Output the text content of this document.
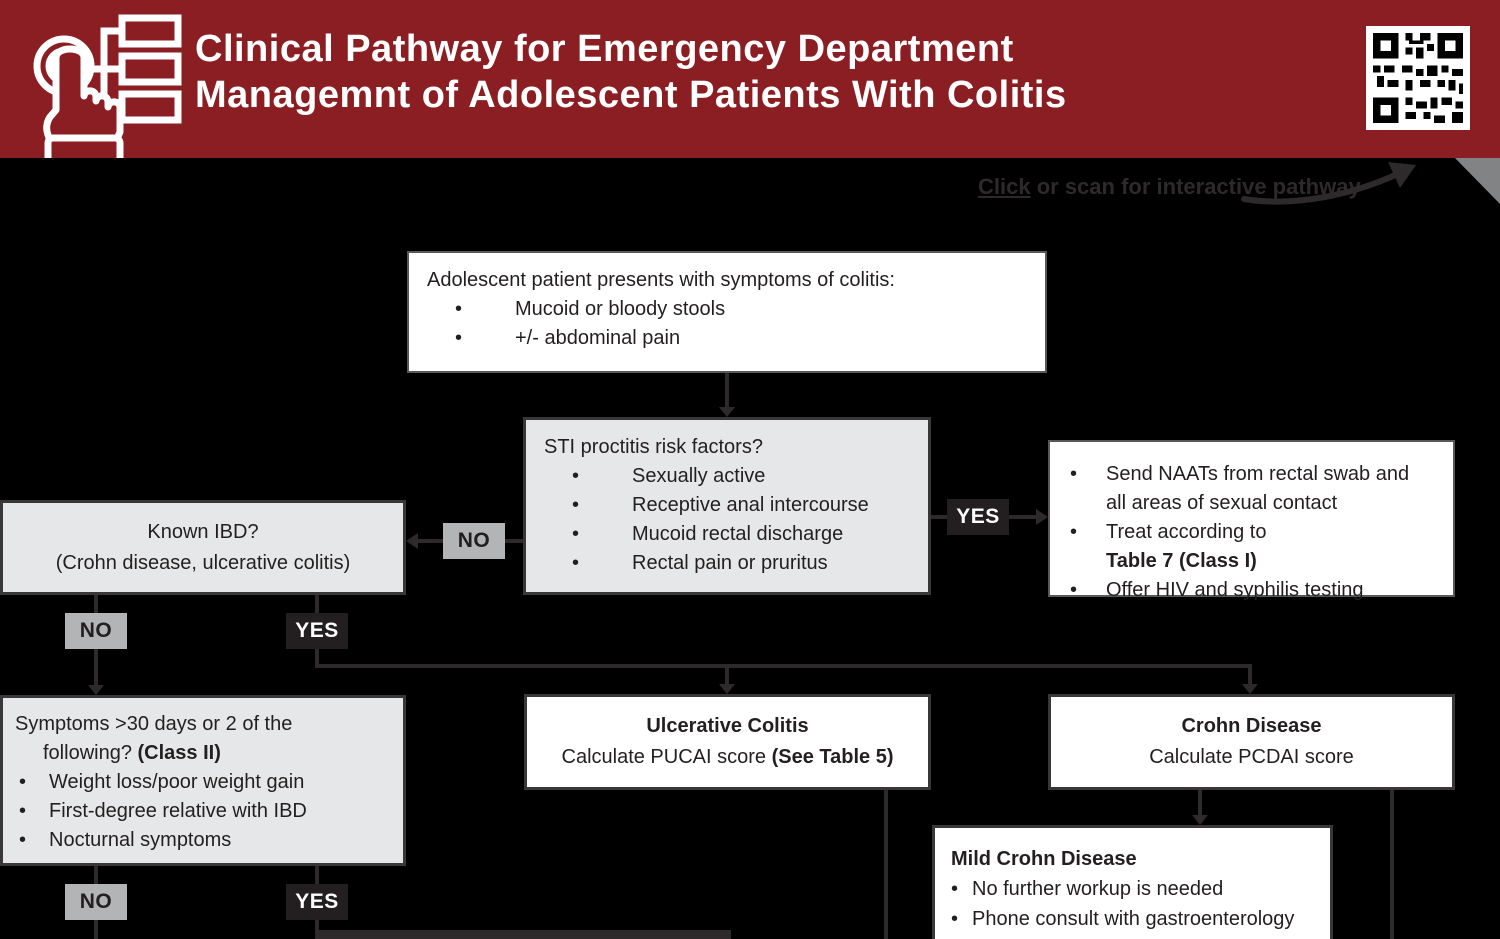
Clinical Pathway for Emergency Department
Managemnt of Adolescent Patients With Colitis
Click or scan for interactive pathway
Adolescent patient presents with symptoms of colitis:
•
Mucoid or bloody stools
•
+/- abdominal pain
STI proctitis risk factors?
•
Sexually active
•
Receptive anal intercourse
•
Mucoid rectal discharge
•
Rectal pain or pruritus
YES
NO
•
Send NAATs from rectal swab and
all areas of sexual contact
•
Treat according to
Table 7 (Class I)
•
Offer HIV and syphilis testing
Known IBD?
(Crohn disease, ulcerative colitis)
NO	YES
Symptoms >30 days or 2 of the
following? (Class II)
•
Weight loss/poor weight gain
•
First-degree relative with IBD
•
Nocturnal symptoms
Ulcerative Colitis
Calculate PUCAI score (See Table 5)
Crohn Disease
Calculate PCDAI score
NO	YES
Mild Crohn Disease
•
No further workup is needed
•
Phone consult with gastroenterology
